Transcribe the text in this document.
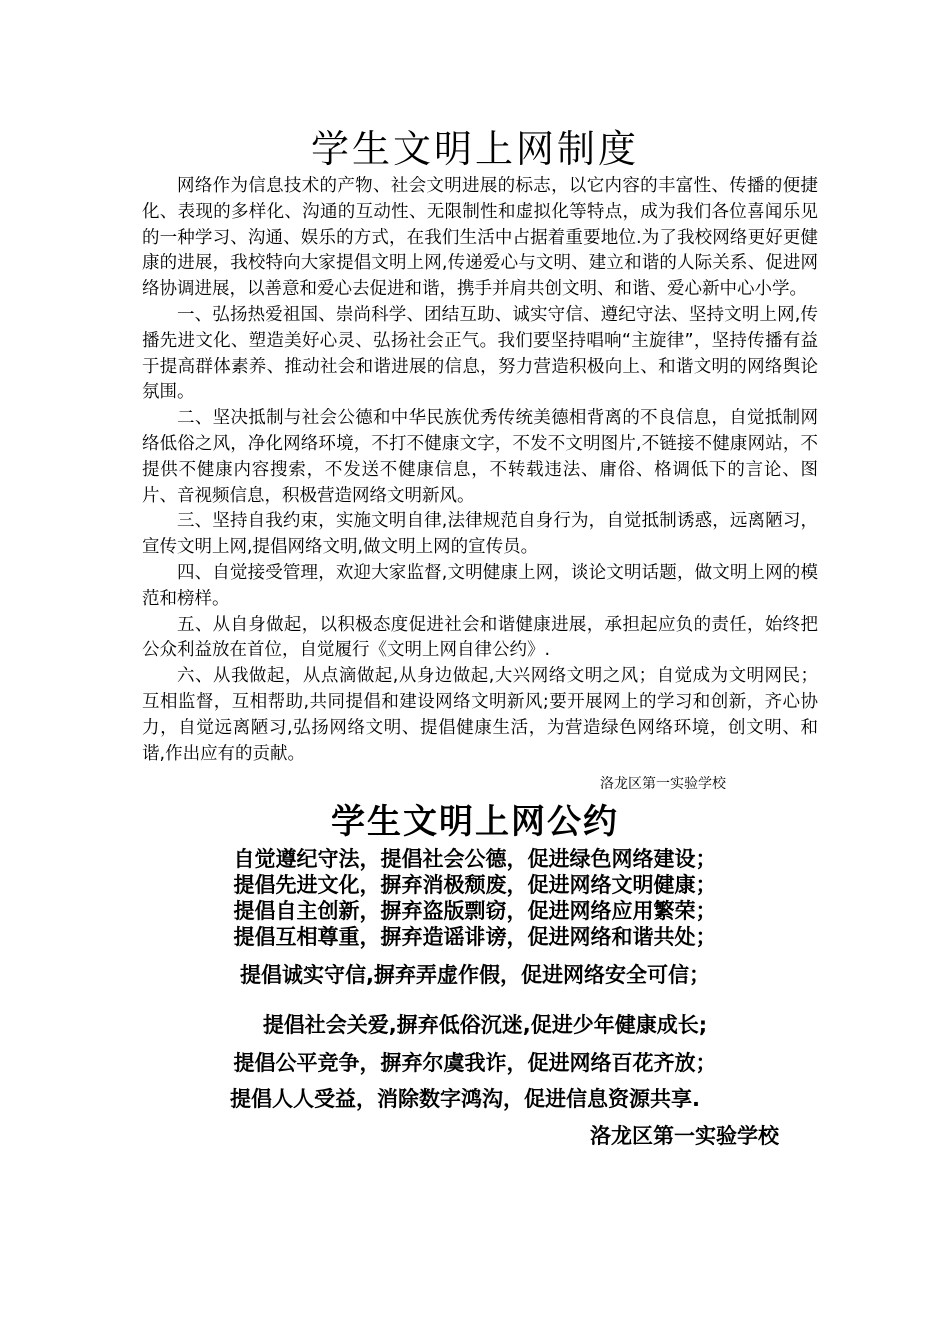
学生文明上网制度

网络作为信息技术的产物、社会文明进展的标志，以它内容的丰富性、传播的便捷化、表现的多样化、沟通的互动性、无限制性和虚拟化等特点，成为我们各位喜闻乐见的一种学习、沟通、娱乐的方式，在我们生活中占据着重要地位.为了我校网络更好更健康的进展，我校特向大家提倡文明上网,传递爱心与文明、建立和谐的人际关系、促进网络协调进展，以善意和爱心去促进和谐，携手并肩共创文明、和谐、爱心新中心小学。

一、弘扬热爱祖国、崇尚科学、团结互助、诚实守信、遵纪守法、坚持文明上网,传播先进文化、塑造美好心灵、弘扬社会正气。我们要坚持唱响“主旋律”，坚持传播有益于提高群体素养、推动社会和谐进展的信息，努力营造积极向上、和谐文明的网络舆论氛围。

二、坚决抵制与社会公德和中华民族优秀传统美德相背离的不良信息，自觉抵制网络低俗之风，净化网络环境，不打不健康文字，不发不文明图片,不链接不健康网站，不提供不健康内容搜索，不发送不健康信息，不转载违法、庸俗、格调低下的言论、图片、音视频信息，积极营造网络文明新风。

三、坚持自我约束，实施文明自律,法律规范自身行为，自觉抵制诱惑，远离陋习，宣传文明上网,提倡网络文明,做文明上网的宣传员。

四、自觉接受管理，欢迎大家监督,文明健康上网，谈论文明话题，做文明上网的模范和榜样。

五、从自身做起，以积极态度促进社会和谐健康进展，承担起应负的责任，始终把公众利益放在首位，自觉履行《文明上网自律公约》.

六、从我做起，从点滴做起,从身边做起,大兴网络文明之风；自觉成为文明网民；互相监督，互相帮助,共同提倡和建设网络文明新风;要开展网上的学习和创新，齐心协力，自觉远离陋习,弘扬网络文明、提倡健康生活，为营造绿色网络环境，创文明、和谐,作出应有的贡献。

洛龙区第一实验学校
学生文明上网公约
自觉遵纪守法，提倡社会公德，促进绿色网络建设；
提倡先进文化，摒弃消极颓废，促进网络文明健康；
提倡自主创新，摒弃盗版剽窃，促进网络应用繁荣；
提倡互相尊重，摒弃造谣诽谤，促进网络和谐共处；
提倡诚实守信,摒弃弄虚作假，促进网络安全可信；
提倡社会关爱,摒弃低俗沉迷,促进少年健康成长;
提倡公平竞争，摒弃尔虞我诈，促进网络百花齐放；
提倡人人受益，消除数字鸿沟，促进信息资源共享.
洛龙区第一实验学校
